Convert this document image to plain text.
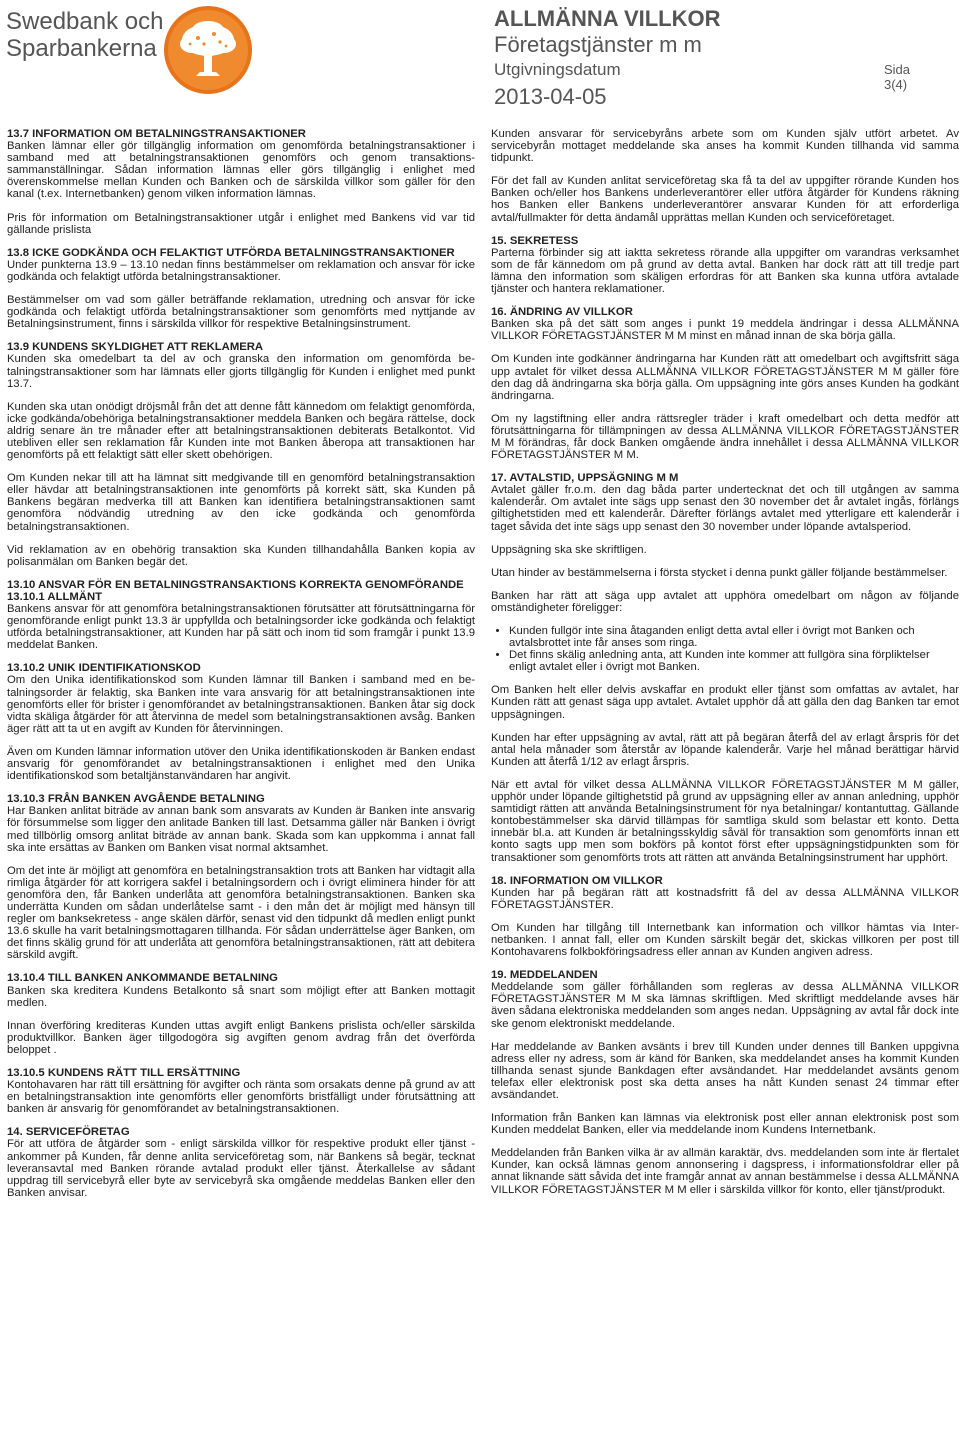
Swedbank och
Sparbankerna
ALLMÄNNA VILLKOR
Företagstjänster m m
Utgivningsdatum
2013-04-05
Sida
3(4)
13.7 INFORMATION OM BETALNINGSTRANSAKTIONER

Banken lämnar eller gör tillgänglig information om genomförda betalningstransaktioner i samband med att betalningstransaktionen genomförs och genom transaktionssammanställningar. Sådan information lämnas eller görs tillgänglig i enlighet med överenskommelse mellan Kunden och Banken och de särskilda villkor som gäller för den kanal (t.ex. Internetbanken) genom vilken information lämnas.

Pris för information om Betalningstransaktioner utgår i enlighet med Bankens vid var tid gällande prislista

13.8 ICKE GODKÄNDA OCH FELAKTIGT UTFÖRDA BETALNINGSTRANSAKTIONER

Under punkterna 13.9 – 13.10 nedan finns bestämmelser om reklamation och ansvar för icke godkända och felaktigt utförda betalningstransaktioner.

Bestämmelser om vad som gäller beträffande reklamation, utredning och ansvar för icke godkända och felaktigt utförda betalningstransaktioner som genomförts med nyttjande av Betalningsinstrument, finns i särskilda villkor för respektive Betalningsinstrument.

13.9 KUNDENS SKYLDIGHET ATT REKLAMERA

Kunden ska omedelbart ta del av och granska den information om genomförda betalningstransaktioner som har lämnats eller gjorts tillgänglig för Kunden i enlighet med punkt 13.7.

Kunden ska utan onödigt dröjsmål från det att denne fått kännedom om felaktigt genomförda, icke godkända/obehöriga betalningstransaktioner meddela Banken och begära rättelse, dock aldrig senare än tre månader efter att betalningstransaktionen debiterats Betalkontot. Vid utebliven eller sen reklamation får Kunden inte mot Banken åberopa att transaktionen har genomförts på ett felaktigt sätt eller skett obehörigen.

Om Kunden nekar till att ha lämnat sitt medgivande till en genomförd betalningstransaktion eller hävdar att betalningstransaktionen inte genomförts på korrekt sätt, ska Kunden på Bankens begäran medverka till att Banken kan identifiera betalningstransaktionen samt genomföra nödvändig utredning av den icke godkända och genomförda betalningstransaktionen.

Vid reklamation av en obehörig transaktion ska Kunden tillhandahålla Banken kopia av polisanmälan om Banken begär det.

13.10 ANSVAR FÖR EN BETALNINGSTRANSAKTIONS KORREKTA GENOMFÖRANDE
13.10.1 ALLMÄNT

Bankens ansvar för att genomföra betalningstransaktionen förutsätter att förutsättningarna för genomförande enligt punkt 13.3 är uppfyllda och betalningsorder icke godkända och felaktigt utförda betalningstransaktioner, att Kunden har på sätt och inom tid som framgår i punkt 13.9 meddelat Banken.

13.10.2 UNIK IDENTIFIKATIONSKOD

Om den Unika identifikationskod som Kunden lämnar till Banken i samband med en betalningsorder är felaktig, ska Banken inte vara ansvarig för att betalningstransaktionen inte genomförts eller för brister i genomförandet av betalningstransaktionen. Banken åtar sig dock vidta skäliga åtgärder för att återvinna de medel som betalningstransaktionen avsåg. Banken äger rätt att ta ut en avgift av Kunden för återvinningen.

Även om Kunden lämnar information utöver den Unika identifikationskoden är Banken endast ansvarig för genomförandet av betalningstransaktionen i enlighet med den Unika identifikationskod som betaltjänstanvändaren har angivit.

13.10.3 FRÅN BANKEN AVGÅENDE BETALNING

Har Banken anlitat biträde av annan bank som ansvarats av Kunden är Banken inte ansvarig för försummelse som ligger den anlitade Banken till last. Detsamma gäller när Banken i övrigt med tillbörlig omsorg anlitat biträde av annan bank. Skada som kan uppkomma i annat fall ska inte ersättas av Banken om Banken visat normal aktsamhet.

Om det inte är möjligt att genomföra en betalningstransaktion trots att Banken har vidtagit alla rimliga åtgärder för att korrigera sakfel i betalningsordern och i övrigt eliminera hinder för att genomföra den, får Banken underlåta att genomföra betalningstransaktionen. Banken ska underrätta Kunden om sådan underlåtelse samt - i den mån det är möjligt med hänsyn till regler om banksekretess - ange skälen därför, senast vid den tidpunkt då medlen enligt punkt 13.6 skulle ha varit betalningsmottagaren tillhanda. För sådan underrättelse äger Banken, om det finns skälig grund för att underlåta att genomföra betalningstransaktionen, rätt att debitera särskild avgift.

13.10.4 TILL BANKEN ANKOMMANDE BETALNING

Banken ska kreditera Kundens Betalkonto så snart som möjligt efter att Banken mottagit medlen.

Innan överföring krediteras Kunden uttas avgift enligt Bankens prislista och/eller särskilda produktvillkor. Banken äger tillgodogöra sig avgiften genom avdrag från det överförda beloppet .

13.10.5 KUNDENS RÄTT TILL ERSÄTTNING

Kontohavaren har rätt till ersättning för avgifter och ränta som orsakats denne på grund av att en betalningstransaktion inte genomförts eller genomförts bristfälligt under förutsättning att banken är ansvarig för genomförandet av betalningstransaktionen.

14. SERVICEFÖRETAG

För att utföra de åtgärder som - enligt särskilda villkor för respektive produkt eller tjänst - ankommer på Kunden, får denne anlita serviceföretag som, när Bankens så begär, tecknat leveransavtal med Banken rörande avtalad produkt eller tjänst. Återkallelse av sådant uppdrag till servicebyrå eller byte av servicebyrå ska omgående meddelas Banken eller den Banken anvisar.

Kunden ansvarar för servicebyråns arbete som om Kunden själv utfört arbetet. Av servicebyrån mottaget meddelande ska anses ha kommit Kunden tillhanda vid samma tidpunkt.

För det fall av Kunden anlitat serviceföretag ska få ta del av uppgifter rörande Kunden hos Banken och/eller hos Bankens underleverantörer eller utföra åtgärder för Kundens räkning hos Banken eller Bankens underleverantörer ansvarar Kunden för att erforderliga avtal/fullmakter för detta ändamål upprättas mellan Kunden och serviceföretaget.

15. SEKRETESS

Parterna förbinder sig att iaktta sekretess rörande alla uppgifter om varandras verksamhet som de får kännedom om på grund av detta avtal. Banken har dock rätt att till tredje part lämna den information som skäligen erfordras för att Banken ska kunna utföra avtalade tjänster och hantera reklamationer.

16. ÄNDRING AV VILLKOR

Banken ska på det sätt som anges i punkt 19 meddela ändringar i dessa ALLMÄNNA VILLKOR FÖRETAGSTJÄNSTER M M minst en månad innan de ska börja gälla.

Om Kunden inte godkänner ändringarna har Kunden rätt att omedelbart och avgiftsfritt säga upp avtalet för vilket dessa ALLMÄNNA VILLKOR FÖRETAGSTJÄNSTER M M gäller före den dag då ändringarna ska börja gälla. Om uppsägning inte görs anses Kunden ha godkänt ändringarna.

Om ny lagstiftning eller andra rättsregler träder i kraft omedelbart och detta medför att förutsättningarna för tillämpningen av dessa ALLMÄNNA VILLKOR FÖRETAGSTJÄNSTER M M förändras, får dock Banken omgående ändra innehållet i dessa ALLMÄNNA VILLKOR FÖRETAGSTJÄNSTER M M.

17. AVTALSTID, UPPSÄGNING M M

Avtalet gäller fr.o.m. den dag båda parter undertecknat det och till utgången av samma kalenderår. Om avtalet inte sägs upp senast den 30 november det år avtalet ingås, förlängs giltighetstiden med ett kalenderår. Därefter förlängs avtalet med ytterligare ett kalenderår i taget såvida det inte sägs upp senast den 30 november under löpande avtalsperiod.

Uppsägning ska ske skriftligen.

Utan hinder av bestämmelserna i första stycket i denna punkt gäller följande bestämmelser.

Banken har rätt att säga upp avtalet att upphöra omedelbart om någon av följande omständigheter föreligger:

• Kunden fullgör inte sina åtaganden enligt detta avtal eller i övrigt mot Banken och avtalsbrottet inte får anses som ringa.
• Det finns skälig anledning anta, att Kunden inte kommer att fullgöra sina förpliktelser enligt avtalet eller i övrigt mot Banken.

Om Banken helt eller delvis avskaffar en produkt eller tjänst som omfattas av avtalet, har Kunden rätt att genast säga upp avtalet. Avtalet upphör då att gälla den dag Banken tar emot uppsägningen.

Kunden har efter uppsägning av avtal, rätt att på begäran återfå del av erlagt årspris för det antal hela månader som återstår av löpande kalenderår. Varje hel månad berättigar härvid Kunden att återfå 1/12 av erlagt årspris.

När ett avtal för vilket dessa ALLMÄNNA VILLKOR FÖRETAGSTJÄNSTER M M gäller, upphör under löpande giltighetstid på grund av uppsägning eller av annan anledning, upphör samtidigt rätten att använda Betalningsinstrument för nya betalningar/ kontantuttag. Gällande kontobestämmelser ska därvid tillämpas för samtliga skuld som belastar ett konto. Detta innebär bl.a. att Kunden är betalningsskyldig såväl för transaktion som genomförts innan ett konto sagts upp men som bokförs på kontot först efter uppsägningstidpunkten som för transaktioner som genomförts trots att rätten att använda Betalningsinstrument har upphört.

18. INFORMATION OM VILLKOR

Kunden har på begäran rätt att kostnadsfritt få del av dessa ALLMÄNNA VILLKOR FÖRETAGSTJÄNSTER.

Om Kunden har tillgång till Internetbank kan information och villkor hämtas via Internetbanken. I annat fall, eller om Kunden särskilt begär det, skickas villkoren per post till Kontohavarens folkbokföringsadress eller annan av Kunden angiven adress.

19. MEDDELANDEN

Meddelande som gäller förhållanden som regleras av dessa ALLMÄNNA VILLKOR FÖRETAGSTJÄNSTER M M ska lämnas skriftligen. Med skriftligt meddelande avses här även sådana elektroniska meddelanden som anges nedan. Uppsägning av avtal får dock inte ske genom elektroniskt meddelande.

Har meddelande av Banken avsänts i brev till Kunden under dennes till Banken uppgivna adress eller ny adress, som är känd för Banken, ska meddelandet anses ha kommit Kunden tillhanda senast sjunde Bankdagen efter avsändandet. Har meddelandet avsänts genom telefax eller elektronisk post ska detta anses ha nått Kunden senast 24 timmar efter avsändandet.

Information från Banken kan lämnas via elektronisk post eller annan elektronisk post som Kunden meddelat Banken, eller via meddelande inom Kundens Internetbank.

Meddelanden från Banken vilka är av allmän karaktär, dvs. meddelanden som inte är flertalet Kunder, kan också lämnas genom annonsering i dagspress, i informationsfoldrar eller på annat liknande sätt såvida det inte framgår annat av annan bestämmelse i dessa ALLMÄNNA VILLKOR FÖRETAGSTJÄNSTER M M eller i särskilda villkor för konto, eller tjänst/produkt.
